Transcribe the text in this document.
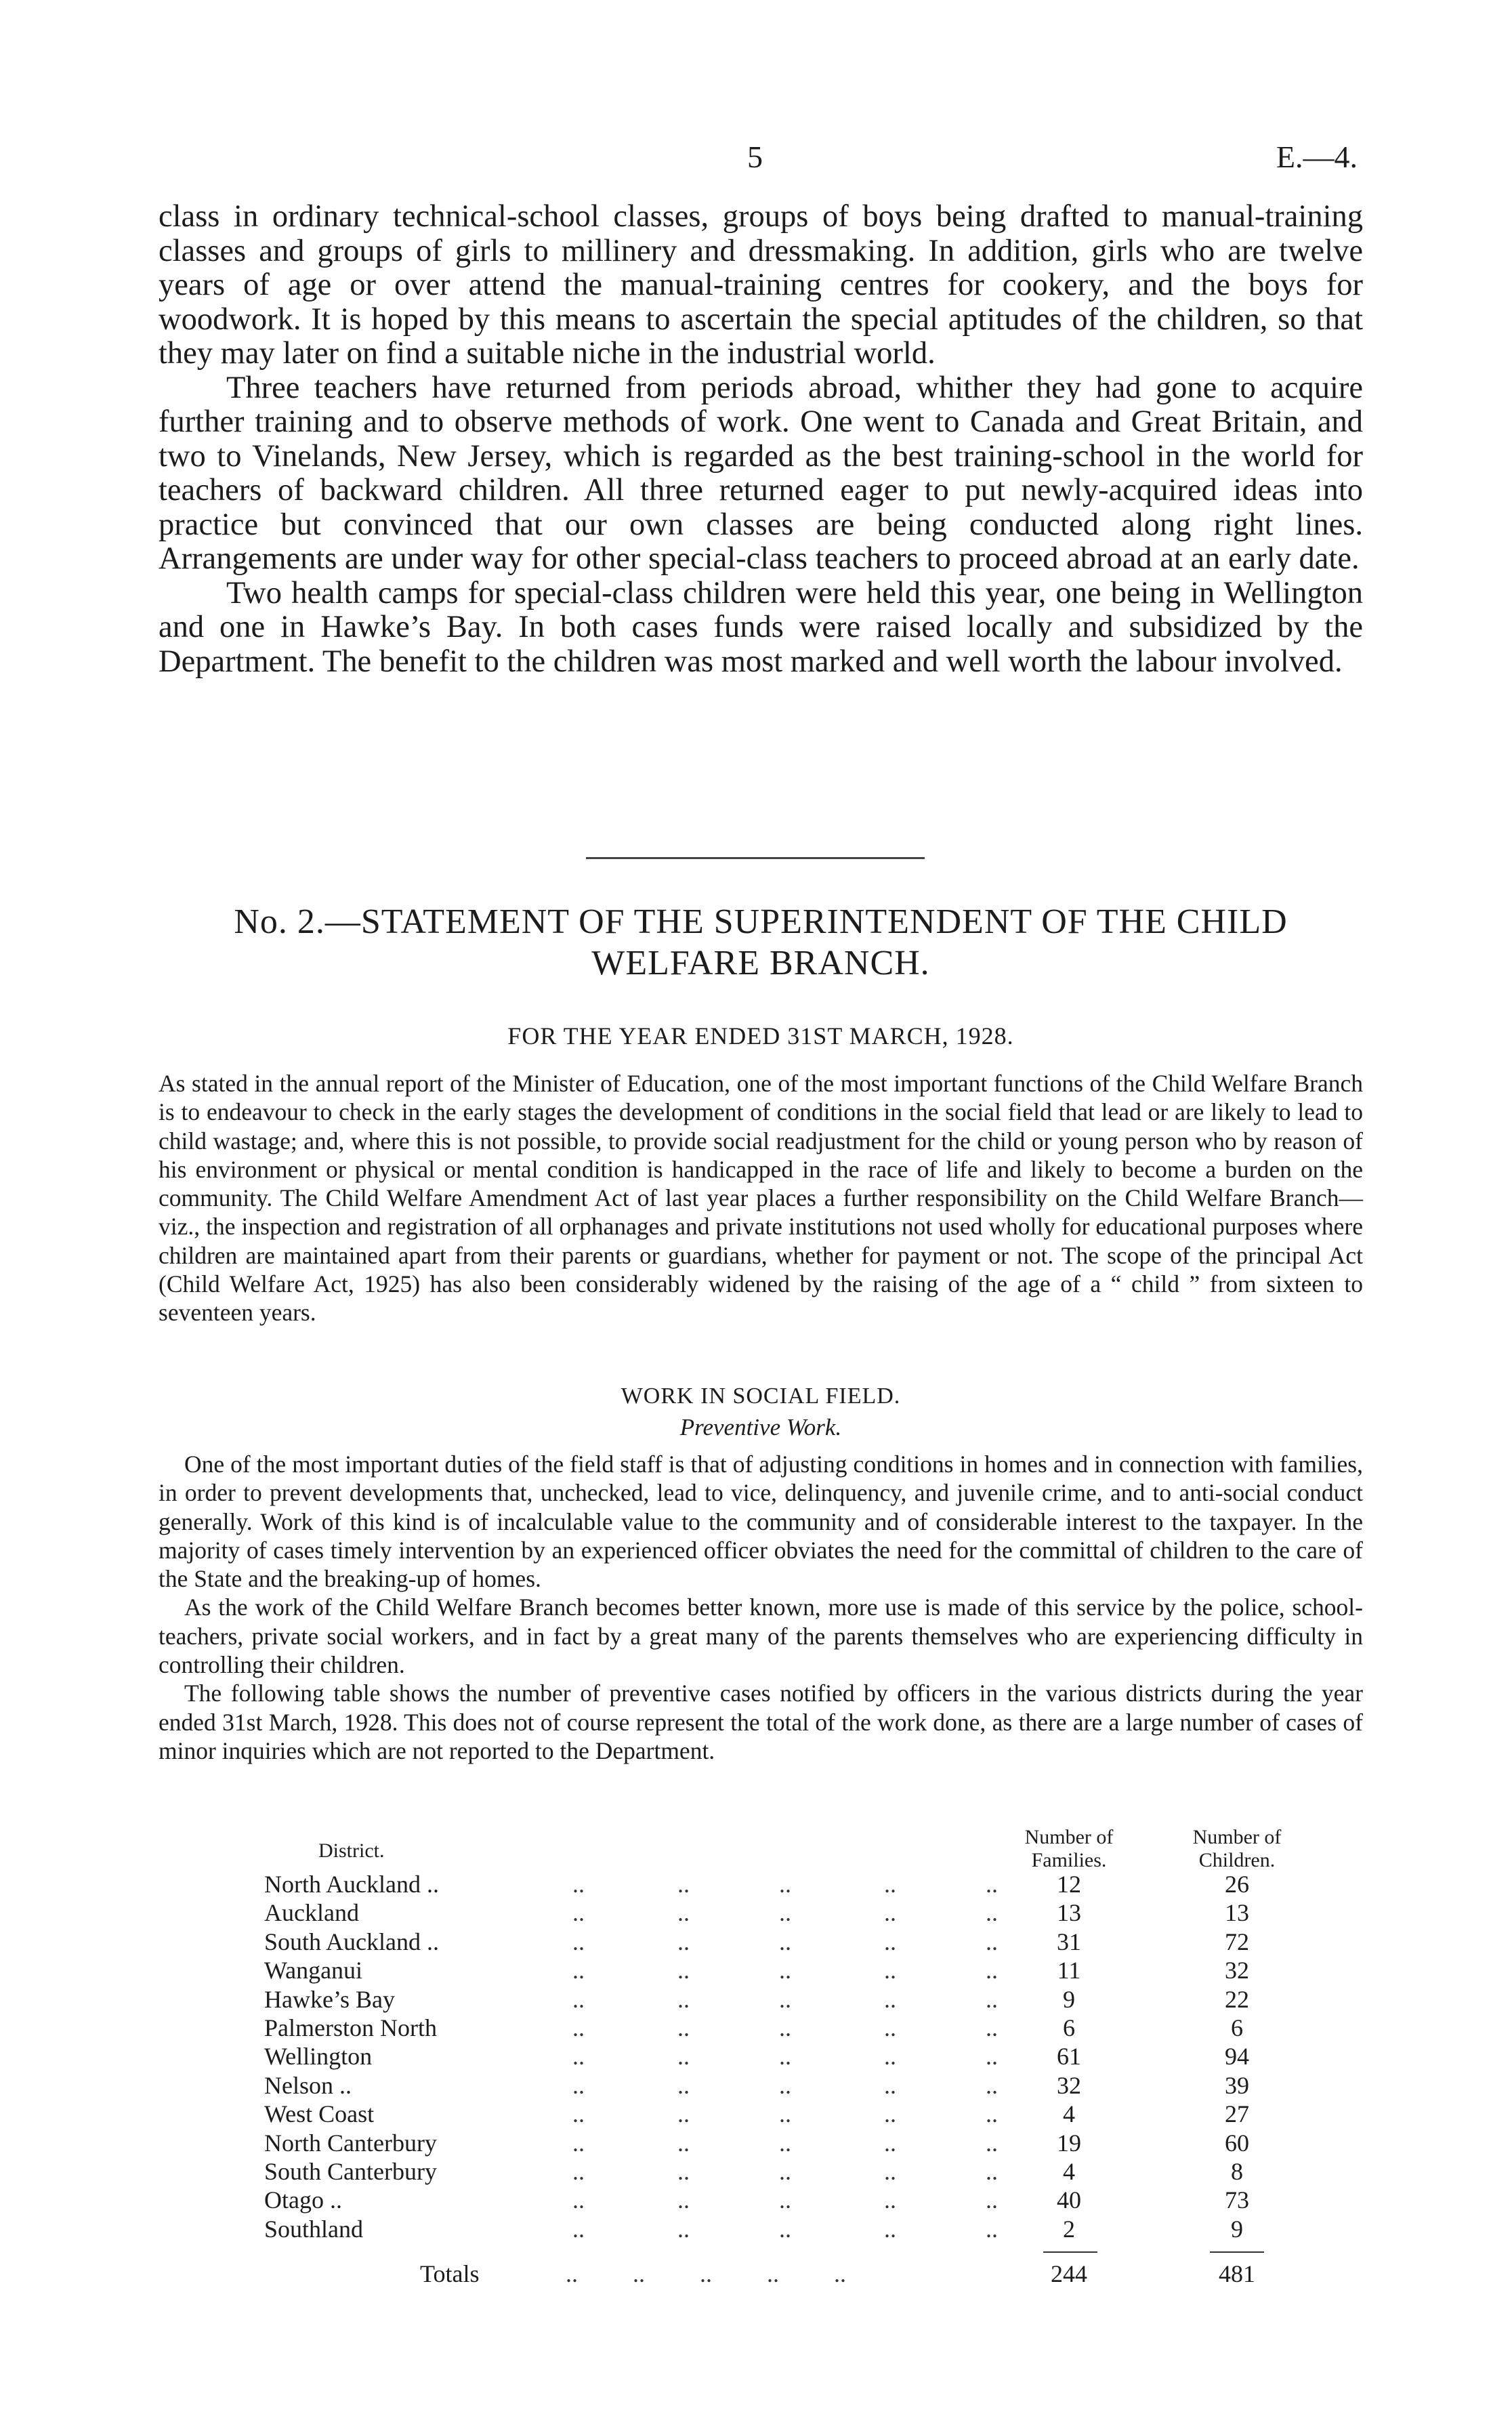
5	E.—4.

class in ordinary technical-school classes, groups of boys being drafted to manual-training classes and groups of girls to millinery and dressmaking. In addition, girls who are twelve years of age or over attend the manual-training centres for cookery, and the boys for woodwork. It is hoped by this means to ascertain the special aptitudes of the children, so that they may later on find a suitable niche in the industrial world.

Three teachers have returned from periods abroad, whither they had gone to acquire further training and to observe methods of work. One went to Canada and Great Britain, and two to Vinelands, New Jersey, which is regarded as the best training-school in the world for teachers of backward children. All three returned eager to put newly-acquired ideas into practice but convinced that our own classes are being conducted along right lines. Arrangements are under way for other special-class teachers to proceed abroad at an early date.

Two health camps for special-class children were held this year, one being in Wellington and one in Hawke’s Bay. In both cases funds were raised locally and subsidized by the Department. The benefit to the children was most marked and well worth the labour involved.

No. 2.—STATEMENT OF THE SUPERINTENDENT OF THE CHILD
WELFARE BRANCH.

FOR THE YEAR ENDED 31ST MARCH, 1928.

As stated in the annual report of the Minister of Education, one of the most important functions of the Child Welfare Branch is to endeavour to check in the early stages the development of conditions in the social field that lead or are likely to lead to child wastage; and, where this is not possible, to provide social readjustment for the child or young person who by reason of his environment or physical or mental condition is handicapped in the race of life and likely to become a burden on the community. The Child Welfare Amendment Act of last year places a further responsibility on the Child Welfare Branch—viz., the inspection and registration of all orphanages and private institutions not used wholly for educational purposes where children are maintained apart from their parents or guardians, whether for payment or not. The scope of the principal Act (Child Welfare Act, 1925) has also been considerably widened by the raising of the age of a “ child ” from sixteen to seventeen years.

WORK IN SOCIAL FIELD.

Preventive Work.

One of the most important duties of the field staff is that of adjusting conditions in homes and in connection with families, in order to prevent developments that, unchecked, lead to vice, delinquency, and juvenile crime, and to anti-social conduct generally. Work of this kind is of incalculable value to the community and of considerable interest to the taxpayer. In the majority of cases timely intervention by an experienced officer obviates the need for the committal of children to the care of the State and the breaking-up of homes.

As the work of the Child Welfare Branch becomes better known, more use is made of this service by the police, school-teachers, private social workers, and in fact by a great many of the parents themselves who are experiencing difficulty in controlling their children.

The following table shows the number of preventive cases notified by officers in the various districts during the year ended 31st March, 1928. This does not of course represent the total of the work done, as there are a large number of cases of minor inquiries which are not reported to the Department.

District.
Number of Families.
Number of Children.
North Auckland ..	..	..	..	..	..	12	26
Auckland	..	..	..	..	..	13	13
South Auckland ..	..	..	..	..	..	31	72
Wanganui	..	..	..	..	..	11	32
Hawke’s Bay	..	..	..	..	..	9	22
Palmerston North	..	..	..	..	..	6	6
Wellington	..	..	..	..	..	61	94
Nelson ..	..	..	..	..	..	32	39
West Coast	..	..	..	..	..	4	27
North Canterbury	..	..	..	..	..	19	60
South Canterbury	..	..	..	..	..	4	8
Otago ..	..	..	..	..	..	40	73
Southland	..	..	..	..	..	2	9
Totals	..         ..         ..         ..         ..	244	481
